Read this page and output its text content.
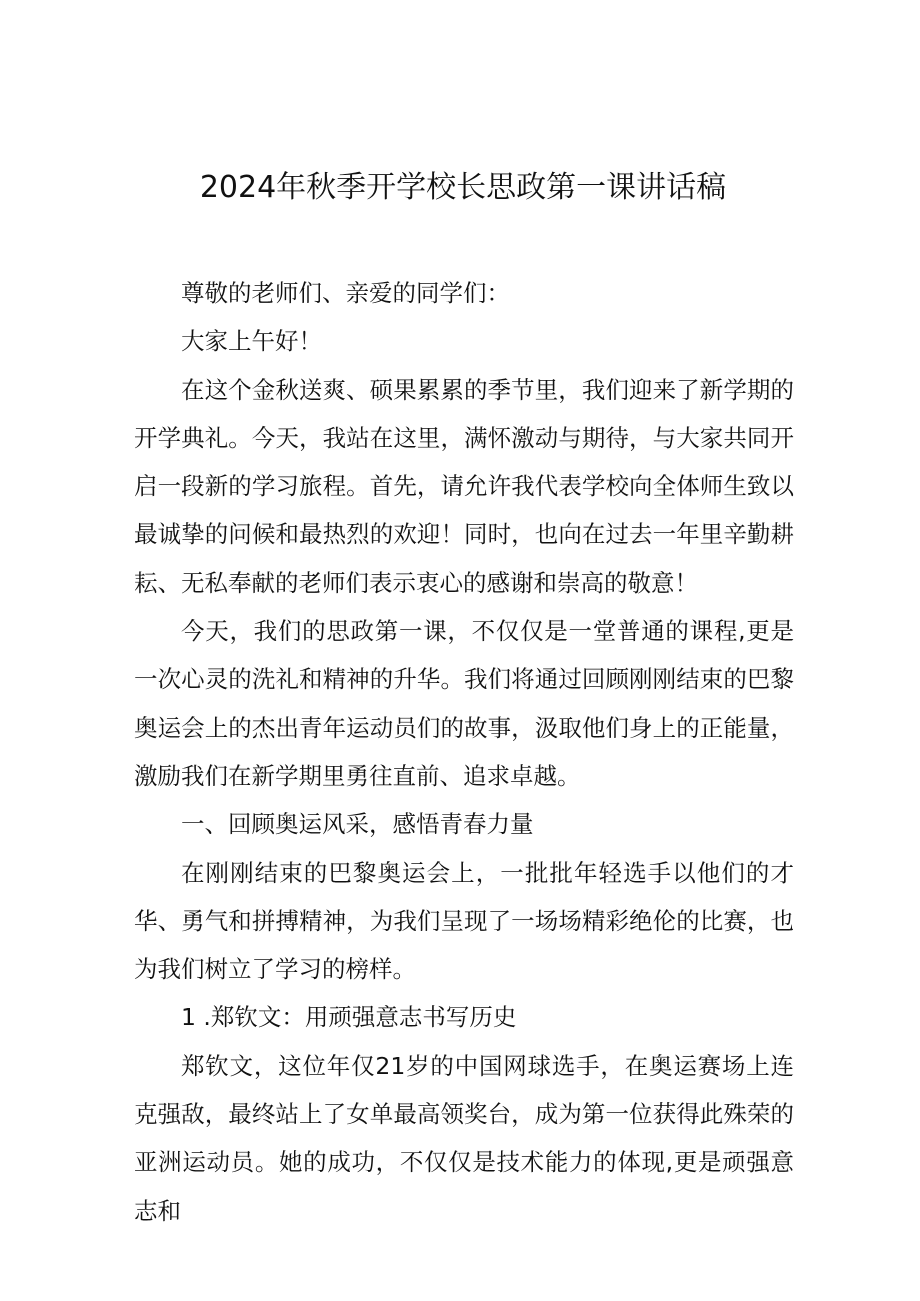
2024年秋季开学校长思政第一课讲话稿

尊敬的老师们、亲爱的同学们：

大家上午好！

在这个金秋送爽、硕果累累的季节里，我们迎来了新学期的开学典礼。今天，我站在这里，满怀激动与期待，与大家共同开启一段新的学习旅程。首先，请允许我代表学校向全体师生致以最诚挚的问候和最热烈的欢迎！同时，也向在过去一年里辛勤耕耘、无私奉献的老师们表示衷心的感谢和崇高的敬意！

今天，我们的思政第一课，不仅仅是一堂普通的课程,更是一次心灵的洗礼和精神的升华。我们将通过回顾刚刚结束的巴黎奥运会上的杰出青年运动员们的故事，汲取他们身上的正能量，激励我们在新学期里勇往直前、追求卓越。

一、回顾奥运风采，感悟青春力量

在刚刚结束的巴黎奥运会上，一批批年轻选手以他们的才华、勇气和拼搏精神，为我们呈现了一场场精彩绝伦的比赛，也为我们树立了学习的榜样。

1 .郑钦文：用顽强意志书写历史

郑钦文，这位年仅21岁的中国网球选手，在奥运赛场上连克强敌，最终站上了女单最高领奖台，成为第一位获得此殊荣的亚洲运动员。她的成功，不仅仅是技术能力的体现,更是顽强意志和
